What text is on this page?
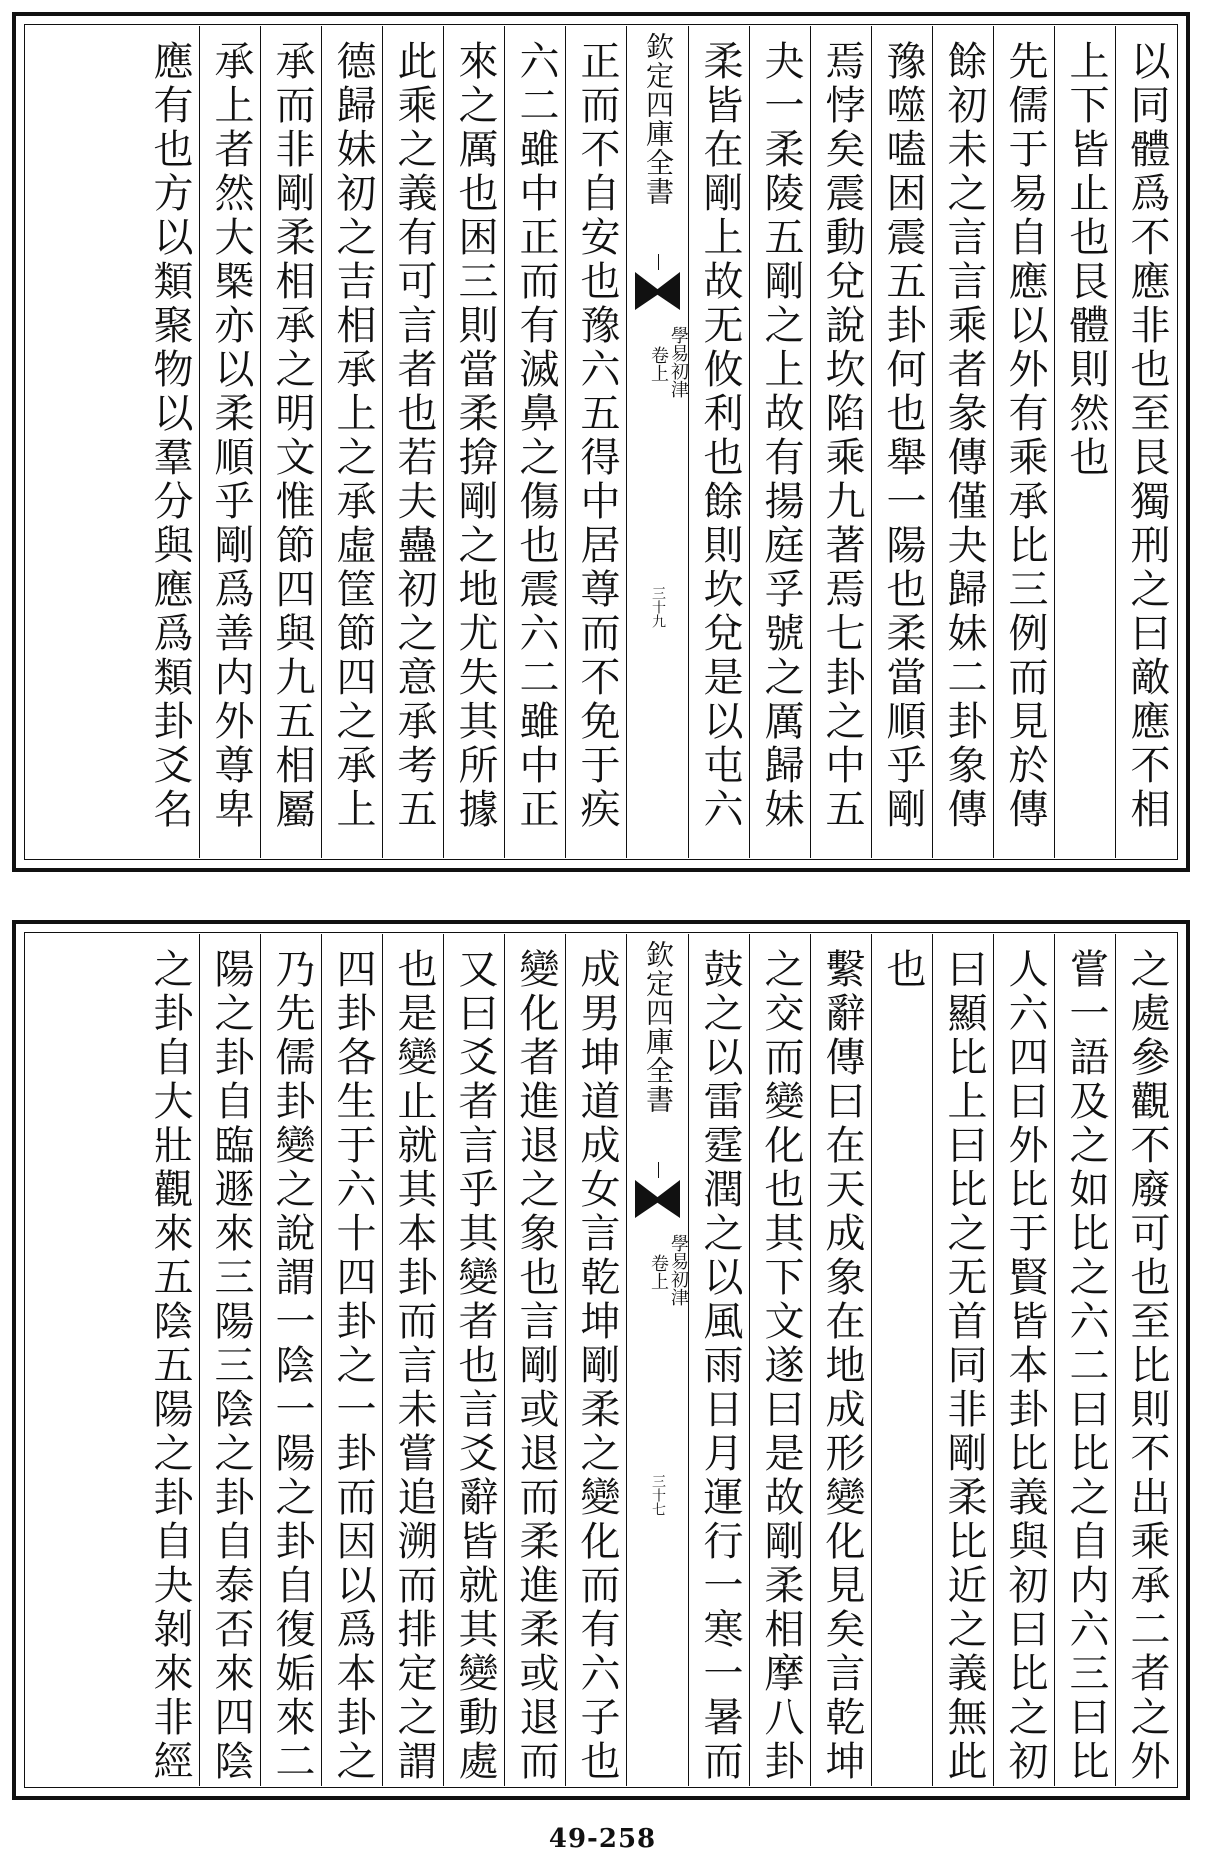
以同體爲不應非也至艮獨刑之曰敵應不相
上下皆止也艮體則然也
先儒于易自應以外有乘承比三例而見於傳
餘初未之言言乘者彖傳僅夬歸妹二卦象傳
豫噬嗑困震五卦何也舉一陽也柔當順乎剛
焉悖矣震動兌說坎陷乘九著焉七卦之中五
夬一柔陵五剛之上故有揚庭孚號之厲歸妹
柔皆在剛上故无攸利也餘則坎兌是以屯六
欽定四庫全書
學易初津
卷上
三十九
正而不自安也豫六五得中居尊而不免于疾
六二雖中正而有滅鼻之傷也震六二雖中正
來之厲也困三則當柔揜剛之地尤失其所據
此乘之義有可言者也若夫蠱初之意承考五
德歸妹初之吉相承上之承虛筐節四之承上
承而非剛柔相承之明文惟節四與九五相屬
承上者然大槩亦以柔順乎剛爲善内外尊卑
應有也方以類聚物以羣分與應爲類卦爻名
之處參觀不廢可也至比則不出乘承二者之外
嘗一語及之如比之六二曰比之自内六三曰比
人六四曰外比于賢皆本卦比義與初曰比之初
曰顯比上曰比之无首同非剛柔比近之義無此
也
繫辭傳曰在天成象在地成形變化見矣言乾坤
之交而變化也其下文遂曰是故剛柔相摩八卦
鼓之以雷霆潤之以風雨日月運行一寒一暑而
欽定四庫全書
學易初津
卷上
三十七
成男坤道成女言乾坤剛柔之變化而有六子也
變化者進退之象也言剛或退而柔進柔或退而
又曰爻者言乎其變者也言爻辭皆就其變動處
也是變止就其本卦而言未嘗追溯而排定之謂
四卦各生于六十四卦之一卦而因以爲本卦之
乃先儒卦變之說謂一陰一陽之卦自復姤來二
陽之卦自臨遯來三陽三陰之卦自泰否來四陰
之卦自大壯觀來五陰五陽之卦自夬剝來非經
49-258
